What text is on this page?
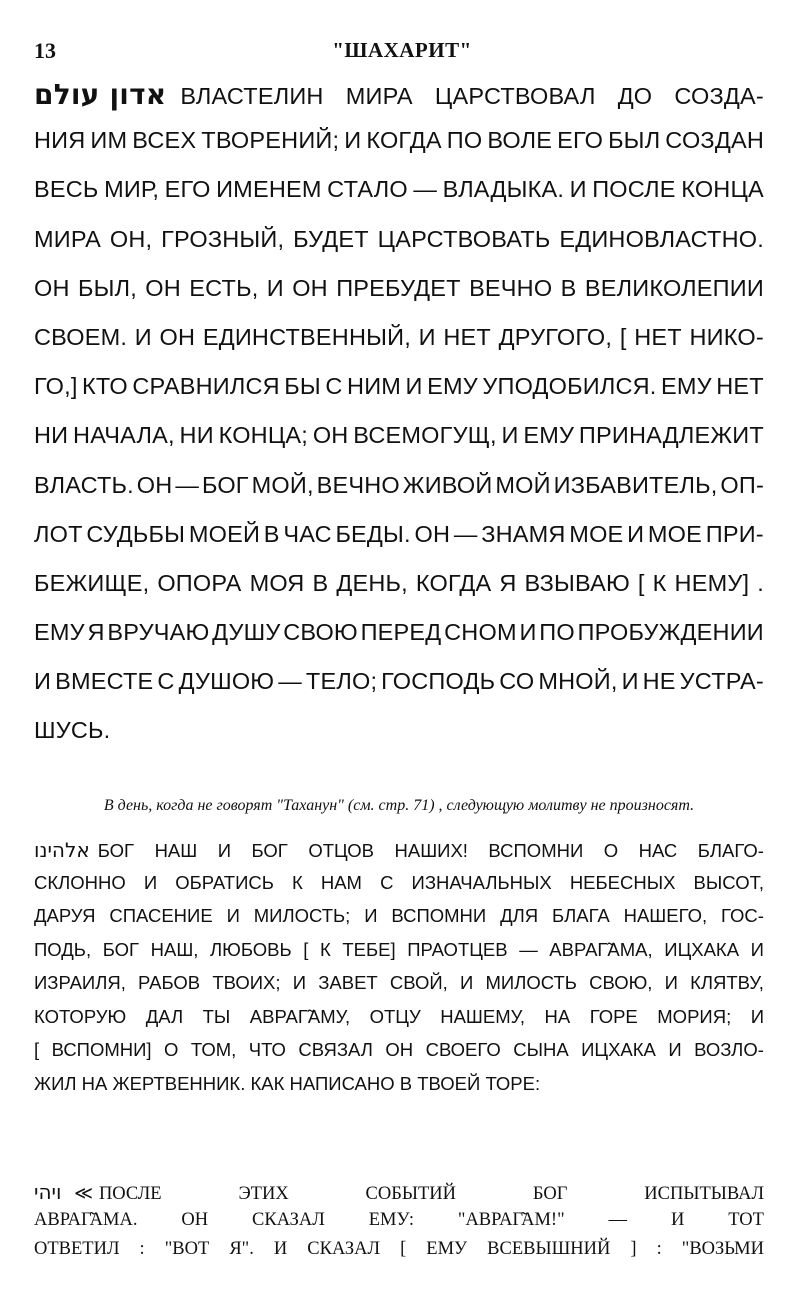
13	"ШАХАРИТ"
אדון עולם ВЛАСТЕЛИН МИРА ЦАРСТВОВАЛ ДО СОЗДА-
НИЯ ИМ ВСЕХ ТВОРЕНИЙ; И КОГДА ПО ВОЛЕ ЕГО БЫЛ СОЗДАН
ВЕСЬ МИР, ЕГО ИМЕНЕМ СТАЛО — ВЛАДЫКА. И ПОСЛЕ КОНЦА
МИРА ОН, ГРОЗНЫЙ, БУДЕТ ЦАРСТВОВАТЬ ЕДИНОВЛАСТНО.
ОН БЫЛ, ОН ЕСТЬ, И ОН ПРЕБУДЕТ ВЕЧНО В ВЕЛИКОЛЕПИИ
СВОЕМ. И ОН ЕДИНСТВЕННЫЙ, И НЕТ ДРУГОГО, [ НЕТ НИКО-
ГО,] КТО СРАВНИЛСЯ БЫ С НИМ И ЕМУ УПОДОБИЛСЯ. ЕМУ НЕТ
НИ НАЧАЛА, НИ КОНЦА; ОН ВСЕМОГУЩ, И ЕМУ ПРИНАДЛЕЖИТ
ВЛАСТЬ. ОН — БОГ МОЙ, ВЕЧНО ЖИВОЙ МОЙ ИЗБАВИТЕЛЬ, ОП-
ЛОТ СУДЬБЫ МОЕЙ В ЧАС БЕДЫ. ОН — ЗНАМЯ МОЕ И МОЕ ПРИ-
БЕЖИЩЕ, ОПОРА МОЯ В ДЕНЬ, КОГДА Я ВЗЫВАЮ [ К НЕМУ] .
ЕМУ Я ВРУЧАЮ ДУШУ СВОЮ ПЕРЕД СНОМ И ПО ПРОБУЖДЕНИИ
И ВМЕСТЕ С ДУШОЮ — ТЕЛО; ГОСПОДЬ СО МНОЙ, И НЕ УСТРА-
ШУСЬ.
В день, когда не говорят "Таханун" (см. стр. 71) , следующую молитву не произносят.
אלהינו БОГ НАШ И БОГ ОТЦОВ НАШИХ! ВСПОМНИ О НАС БЛАГО-
СКЛОННО И ОБРАТИСЬ К НАМ С ИЗНАЧАЛЬНЫХ НЕБЕСНЫХ ВЫСОТ,
ДАРУЯ СПАСЕНИЕ И МИЛОСТЬ; И ВСПОМНИ ДЛЯ БЛАГА НАШЕГО, ГОС-
ПОДЬ, БОГ НАШ, ЛЮБОВЬ [ К ТЕБЕ] ПРАОТЦЕВ — АВРАГ̃АМА, ИЦХАКА И
ИЗРАИЛЯ, РАБОВ ТВОИХ; И ЗАВЕТ СВОЙ, И МИЛОСТЬ СВОЮ, И КЛЯТВУ,
КОТОРУЮ ДАЛ ТЫ АВРАГ̃АМУ, ОТЦУ НАШЕМУ, НА ГОРЕ МОРИЯ; И
[ ВСПОМНИ] О ТОМ, ЧТО СВЯЗАЛ ОН СВОЕГО СЫНА ИЦХАКА И ВОЗЛО-
ЖИЛ НА ЖЕРТВЕННИК. КАК НАПИСАНО В ТВОЕЙ ТОРЕ:
ויהי ≪ ПОСЛЕ	ЭТИХ	СОБЫТИЙ	БОГ	ИСПЫТЫВАЛ
АВРАГ̃АМА. ОН СКАЗАЛ ЕМУ: "АВРАГ̃АМ!" — И ТОТ
ОТВЕТИЛ : "ВОТ Я". И СКАЗАЛ [ ЕМУ ВСЕВЫШНИЙ ] : "ВОЗЬМИ
